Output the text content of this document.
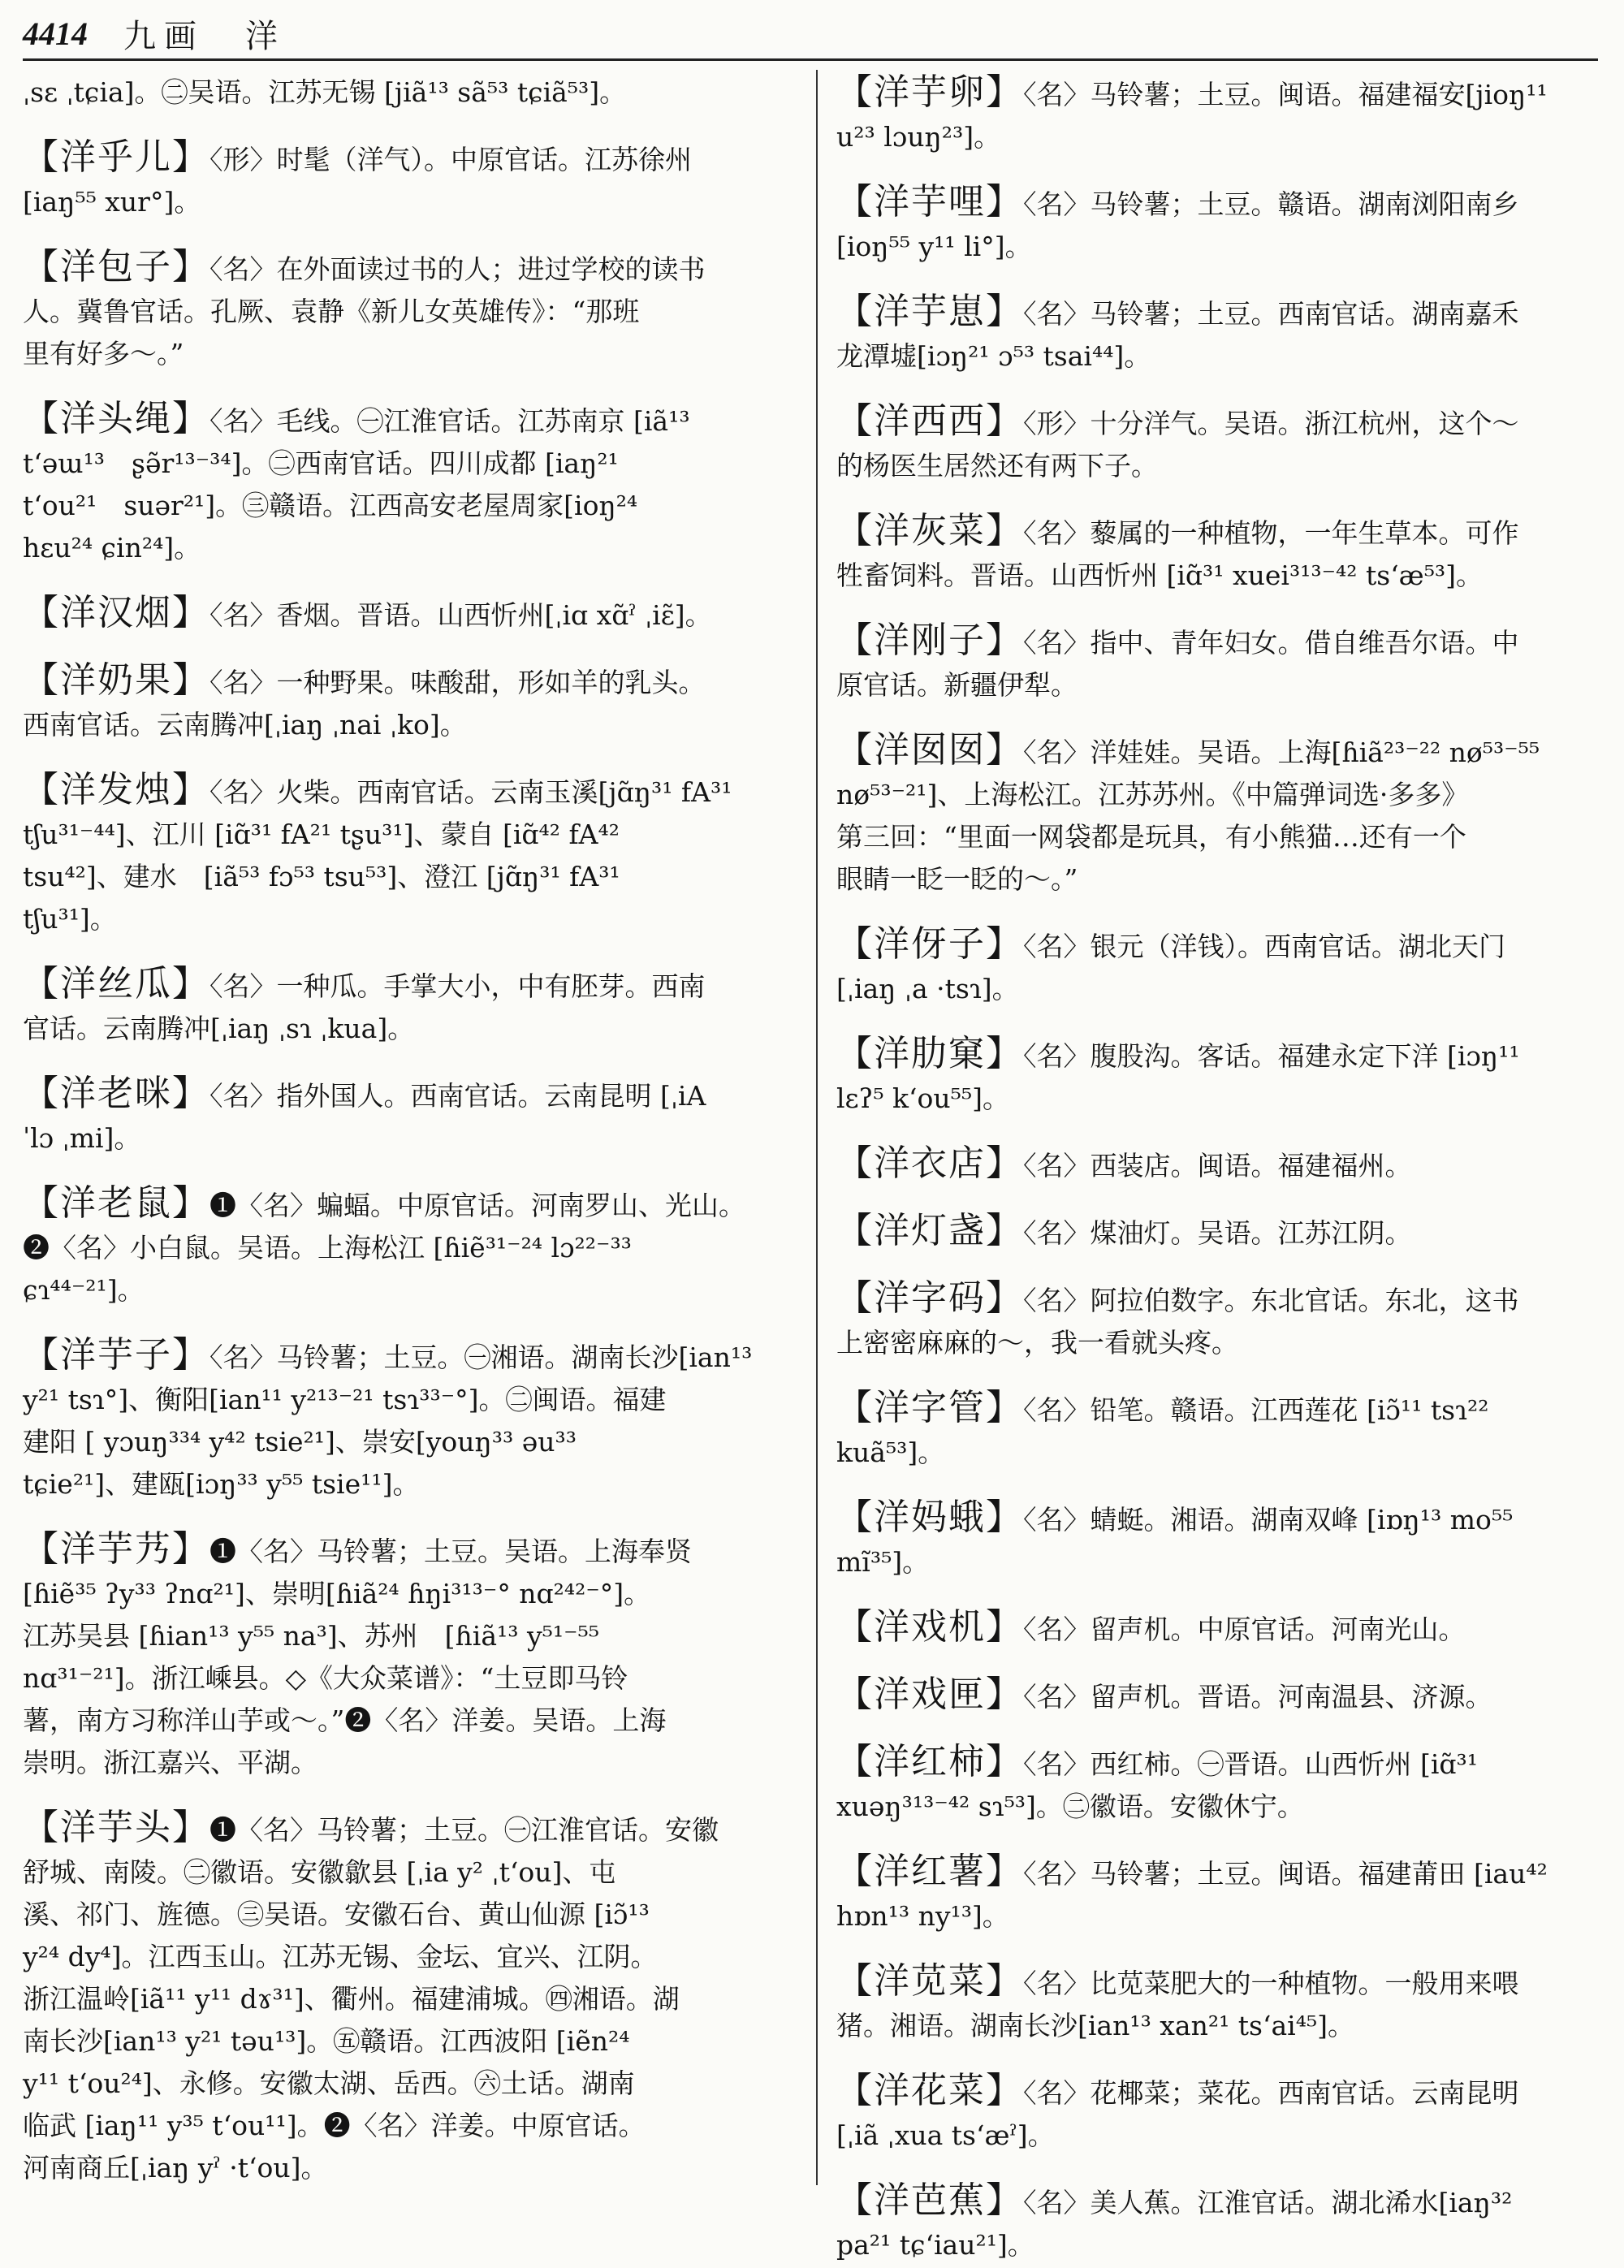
4414 九画　洋

ˌsɛ ˌtɕia]。㊁吴语。江苏无锡 [jiã¹³ sã⁵³ tɕiã⁵³]。

【洋乎儿】〈形〉时髦（洋气）。中原官话。江苏徐州

[iaŋ⁵⁵ xur°]。

【洋包子】〈名〉在外面读过书的人；进过学校的读书

人。冀鲁官话。孔厥、袁静《新儿女英雄传》：“那班

里有好多～。”

【洋头绳】〈名〉毛线。㊀江淮官话。江苏南京 [iã¹³

t‘əɯ¹³　ʂə̃r¹³⁻³⁴]。㊁西南官话。四川成都 [iaŋ²¹

t‘ou²¹　suər²¹]。㊂赣语。江西高安老屋周家[ioŋ²⁴

hɛu²⁴ ɕin²⁴]。

【洋汉烟】〈名〉香烟。晋语。山西忻州[ˌiɑ xɑ̃ˀ ˌiɛ̃]。

【洋奶果】〈名〉一种野果。味酸甜，形如羊的乳头。

西南官话。云南腾冲[ˌiaŋ ˌnai ˌko]。

【洋发烛】〈名〉火柴。西南官话。云南玉溪[jɑ̃ŋ³¹ fA³¹

tʃu³¹⁻⁴⁴]、江川 [iɑ̃³¹ fA²¹ tʂu³¹]、蒙自 [iɑ̃⁴² fA⁴²

tsu⁴²]、建水　[iã⁵³ fɔ⁵³ tsu⁵³]、澄江 [jɑ̃ŋ³¹ fA³¹

tʃu³¹]。

【洋丝瓜】〈名〉一种瓜。手掌大小，中有胚芽。西南

官话。云南腾冲[ˌiaŋ ˌsɿ ˌkua]。

【洋老咪】〈名〉指外国人。西南官话。云南昆明 [ˌiA

ˈlɔ ˌmi]。

【洋老鼠】❶〈名〉蝙蝠。中原官话。河南罗山、光山。

❷〈名〉小白鼠。吴语。上海松江 [ɦiẽ³¹⁻²⁴ lɔ²²⁻³³

ɕɿ⁴⁴⁻²¹]。

【洋芋子】〈名〉马铃薯；土豆。㊀湘语。湖南长沙[ian¹³

y²¹ tsɿ°]、衡阳[ian¹¹ y²¹³⁻²¹ tsɿ³³⁻°]。㊁闽语。福建

建阳 [ yɔuŋ³³⁴ y⁴² tsie²¹]、崇安[youŋ³³ əu³³

tɕie²¹]、建瓯[iɔŋ³³ y⁵⁵ tsie¹¹]。

【洋芋艿】❶〈名〉马铃薯；土豆。吴语。上海奉贤

[ɦiẽ³⁵ ʔy³³ ʔnɑ²¹]、崇明[ɦiã²⁴ ɦŋi³¹³⁻° nɑ²⁴²⁻°]。

江苏吴县 [ɦian¹³ y⁵⁵ na³]、苏州　[ɦiã¹³ y⁵¹⁻⁵⁵

nɑ³¹⁻²¹]。浙江嵊县。◇《大众菜谱》：“土豆即马铃

薯，南方习称洋山芋或～。”❷〈名〉洋姜。吴语。上海

崇明。浙江嘉兴、平湖。

【洋芋头】❶〈名〉马铃薯；土豆。㊀江淮官话。安徽

舒城、南陵。㊁徽语。安徽歙县 [ˌia y² ˌt‘ou]、屯

溪、祁门、旌德。㊂吴语。安徽石台、黄山仙源 [iɔ̃¹³

y²⁴ dy⁴]。江西玉山。江苏无锡、金坛、宜兴、江阴。

浙江温岭[iã¹¹ y¹¹ dɤ³¹]、衢州。福建浦城。㊃湘语。湖

南长沙[ian¹³ y²¹ təu¹³]。㊄赣语。江西波阳 [iẽn²⁴

y¹¹ t‘ou²⁴]、永修。安徽太湖、岳西。㊅土话。湖南

临武 [iaŋ¹¹ y³⁵ t‘ou¹¹]。❷〈名〉洋姜。中原官话。

河南商丘[ˌiaŋ yˀ ·t‘ou]。

【洋芋卵】〈名〉马铃薯；土豆。闽语。福建福安[jioŋ¹¹

u²³ lɔuŋ²³]。

【洋芋哩】〈名〉马铃薯；土豆。赣语。湖南浏阳南乡

[ioŋ⁵⁵ y¹¹ li°]。

【洋芋崽】〈名〉马铃薯；土豆。西南官话。湖南嘉禾

龙潭墟[iɔŋ²¹ ɔ⁵³ tsai⁴⁴]。

【洋西西】〈形〉十分洋气。吴语。浙江杭州，这个～

的杨医生居然还有两下子。

【洋灰菜】〈名〉藜属的一种植物，一年生草本。可作

牲畜饲料。晋语。山西忻州 [iɑ̃³¹ xuei³¹³⁻⁴² ts‘æ⁵³]。

【洋刚子】〈名〉指中、青年妇女。借自维吾尔语。中

原官话。新疆伊犁。

【洋囡囡】〈名〉洋娃娃。吴语。上海[ɦiã²³⁻²² nø⁵³⁻⁵⁵

nø⁵³⁻²¹]、上海松江。江苏苏州。《中篇弹词选·多多》

第三回：“里面一网袋都是玩具，有小熊猫…还有一个

眼睛一眨一眨的～。”

【洋伢子】〈名〉银元（洋钱）。西南官话。湖北天门

[ˌiaŋ ˌa ·tsɿ]。

【洋肋窠】〈名〉腹股沟。客话。福建永定下洋 [iɔŋ¹¹

lɛʔ⁵ k‘ou⁵⁵]。

【洋衣店】〈名〉西装店。闽语。福建福州。

【洋灯盏】〈名〉煤油灯。吴语。江苏江阴。

【洋字码】〈名〉阿拉伯数字。东北官话。东北，这书

上密密麻麻的～，我一看就头疼。

【洋字管】〈名〉铅笔。赣语。江西莲花 [iɔ̃¹¹ tsɿ²²

kuã⁵³]。

【洋妈蛾】〈名〉蜻蜓。湘语。湖南双峰 [iɒŋ¹³ mo⁵⁵

mĩ³⁵]。

【洋戏机】〈名〉留声机。中原官话。河南光山。

【洋戏匣】〈名〉留声机。晋语。河南温县、济源。

【洋红柿】〈名〉西红柿。㊀晋语。山西忻州 [iɑ̃³¹

xuəŋ³¹³⁻⁴² sɿ⁵³]。㊁徽语。安徽休宁。

【洋红薯】〈名〉马铃薯；土豆。闽语。福建莆田 [iau⁴²

hɒn¹³ ny¹³]。

【洋苋菜】〈名〉比苋菜肥大的一种植物。一般用来喂

猪。湘语。湖南长沙[ian¹³ xan²¹ ts‘ai⁴⁵]。

【洋花菜】〈名〉花椰菜；菜花。西南官话。云南昆明

[ˌiã ˌxua ts‘æˀ]。

【洋芭蕉】〈名〉美人蕉。江淮官话。湖北浠水[iaŋ³²

pa²¹ tɕ‘iau²¹]。
